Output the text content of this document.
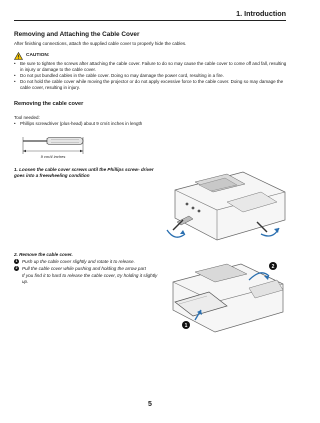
1. Introduction
Removing and Attaching the Cable Cover
After finishing connections, attach the supplied cable cover to properly hide the cables.
CAUTION:
• Be sure to tighten the screws after attaching the cable cover. Failure to do so may cause the cable cover to come off and fall, resulting in injury or damage to the cable cover.
• Do not put bundled cables in the cable cover. Doing so may damage the power cord, resulting in a fire.
• Do not hold the cable cover while moving the projector or do not apply excessive force to the cable cover. Doing so may damage the cable cover, resulting in injury.
Removing the cable cover
Tool needed:
• Phillips screwdriver (plus-head) about 9 cm/4 inches in length
9 cm/4 inches
1. Loosen the cable cover screws until the Phillips screw- driver goes into a freewheeling condition
2. Remove the cable cover.
1 Push up the cable cover slightly and rotate it to release.
2 Pull the cable cover while pushing and holding the arrow part
If you find it to hard to release the cable cover, try holding it slightly up.
1
2
5
